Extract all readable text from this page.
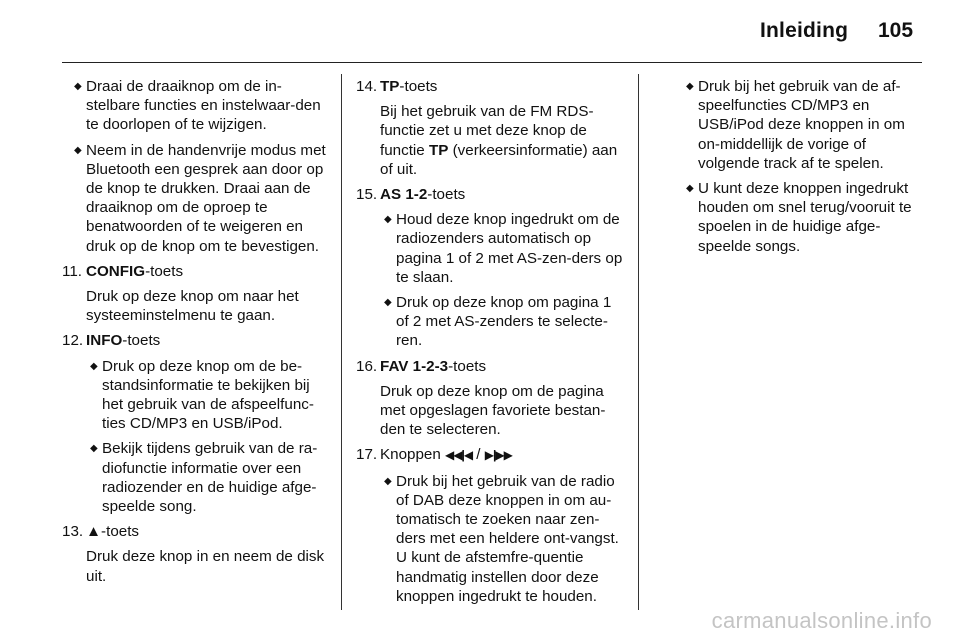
Inleiding 105
◆ Draai de draaiknop om de in-stelbare functies en instelwaar-den te doorlopen of te wijzigen.
◆ Neem in de handenvrije modus met Bluetooth een gesprek aan door op de knop te drukken. Draai aan de draaiknop om de oproep te benatwoorden of te weigeren en druk op de knop om te bevestigen.
11. CONFIG-toets
Druk op deze knop om naar het systeeminstelmenu te gaan.
12. INFO-toets
◆ Druk op deze knop om de be-standsinformatie te bekijken bij het gebruik van de afspeelfunc-ties CD/MP3 en USB/iPod.
◆ Bekijk tijdens gebruik van de ra-diofunctie informatie over een radiozender en de huidige afge-speelde song.
13. ▲-toets
Druk deze knop in en neem de disk uit.
14. TP-toets
Bij het gebruik van de FM RDS-functie zet u met deze knop de functie TP (verkeersinformatie) aan of uit.
15. AS 1-2-toets
◆ Houd deze knop ingedrukt om de radiozenders automatisch op pagina 1 of 2 met AS-zen-ders op te slaan.
◆ Druk op deze knop om pagina 1 of 2 met AS-zenders te selecte-ren.
16. FAV 1-2-3-toets
Druk op deze knop om de pagina met opgeslagen favoriete bestan-den te selecteren.
17. Knoppen ◀◀|◀ / ▶|▶▶
◆ Druk bij het gebruik van de radio of DAB deze knoppen in om au-tomatisch te zoeken naar zen-ders met een heldere ont-vangst. U kunt de afstemfre-quentie handmatig instellen door deze knoppen ingedrukt te houden.
◆ Druk bij het gebruik van de af-speelfuncties CD/MP3 en USB/iPod deze knoppen in om on-middellijk de vorige of volgende track af te spelen.
◆ U kunt deze knoppen ingedrukt houden om snel terug/vooruit te spoelen in de huidige afge-speelde songs.
carmanualsonline.info
